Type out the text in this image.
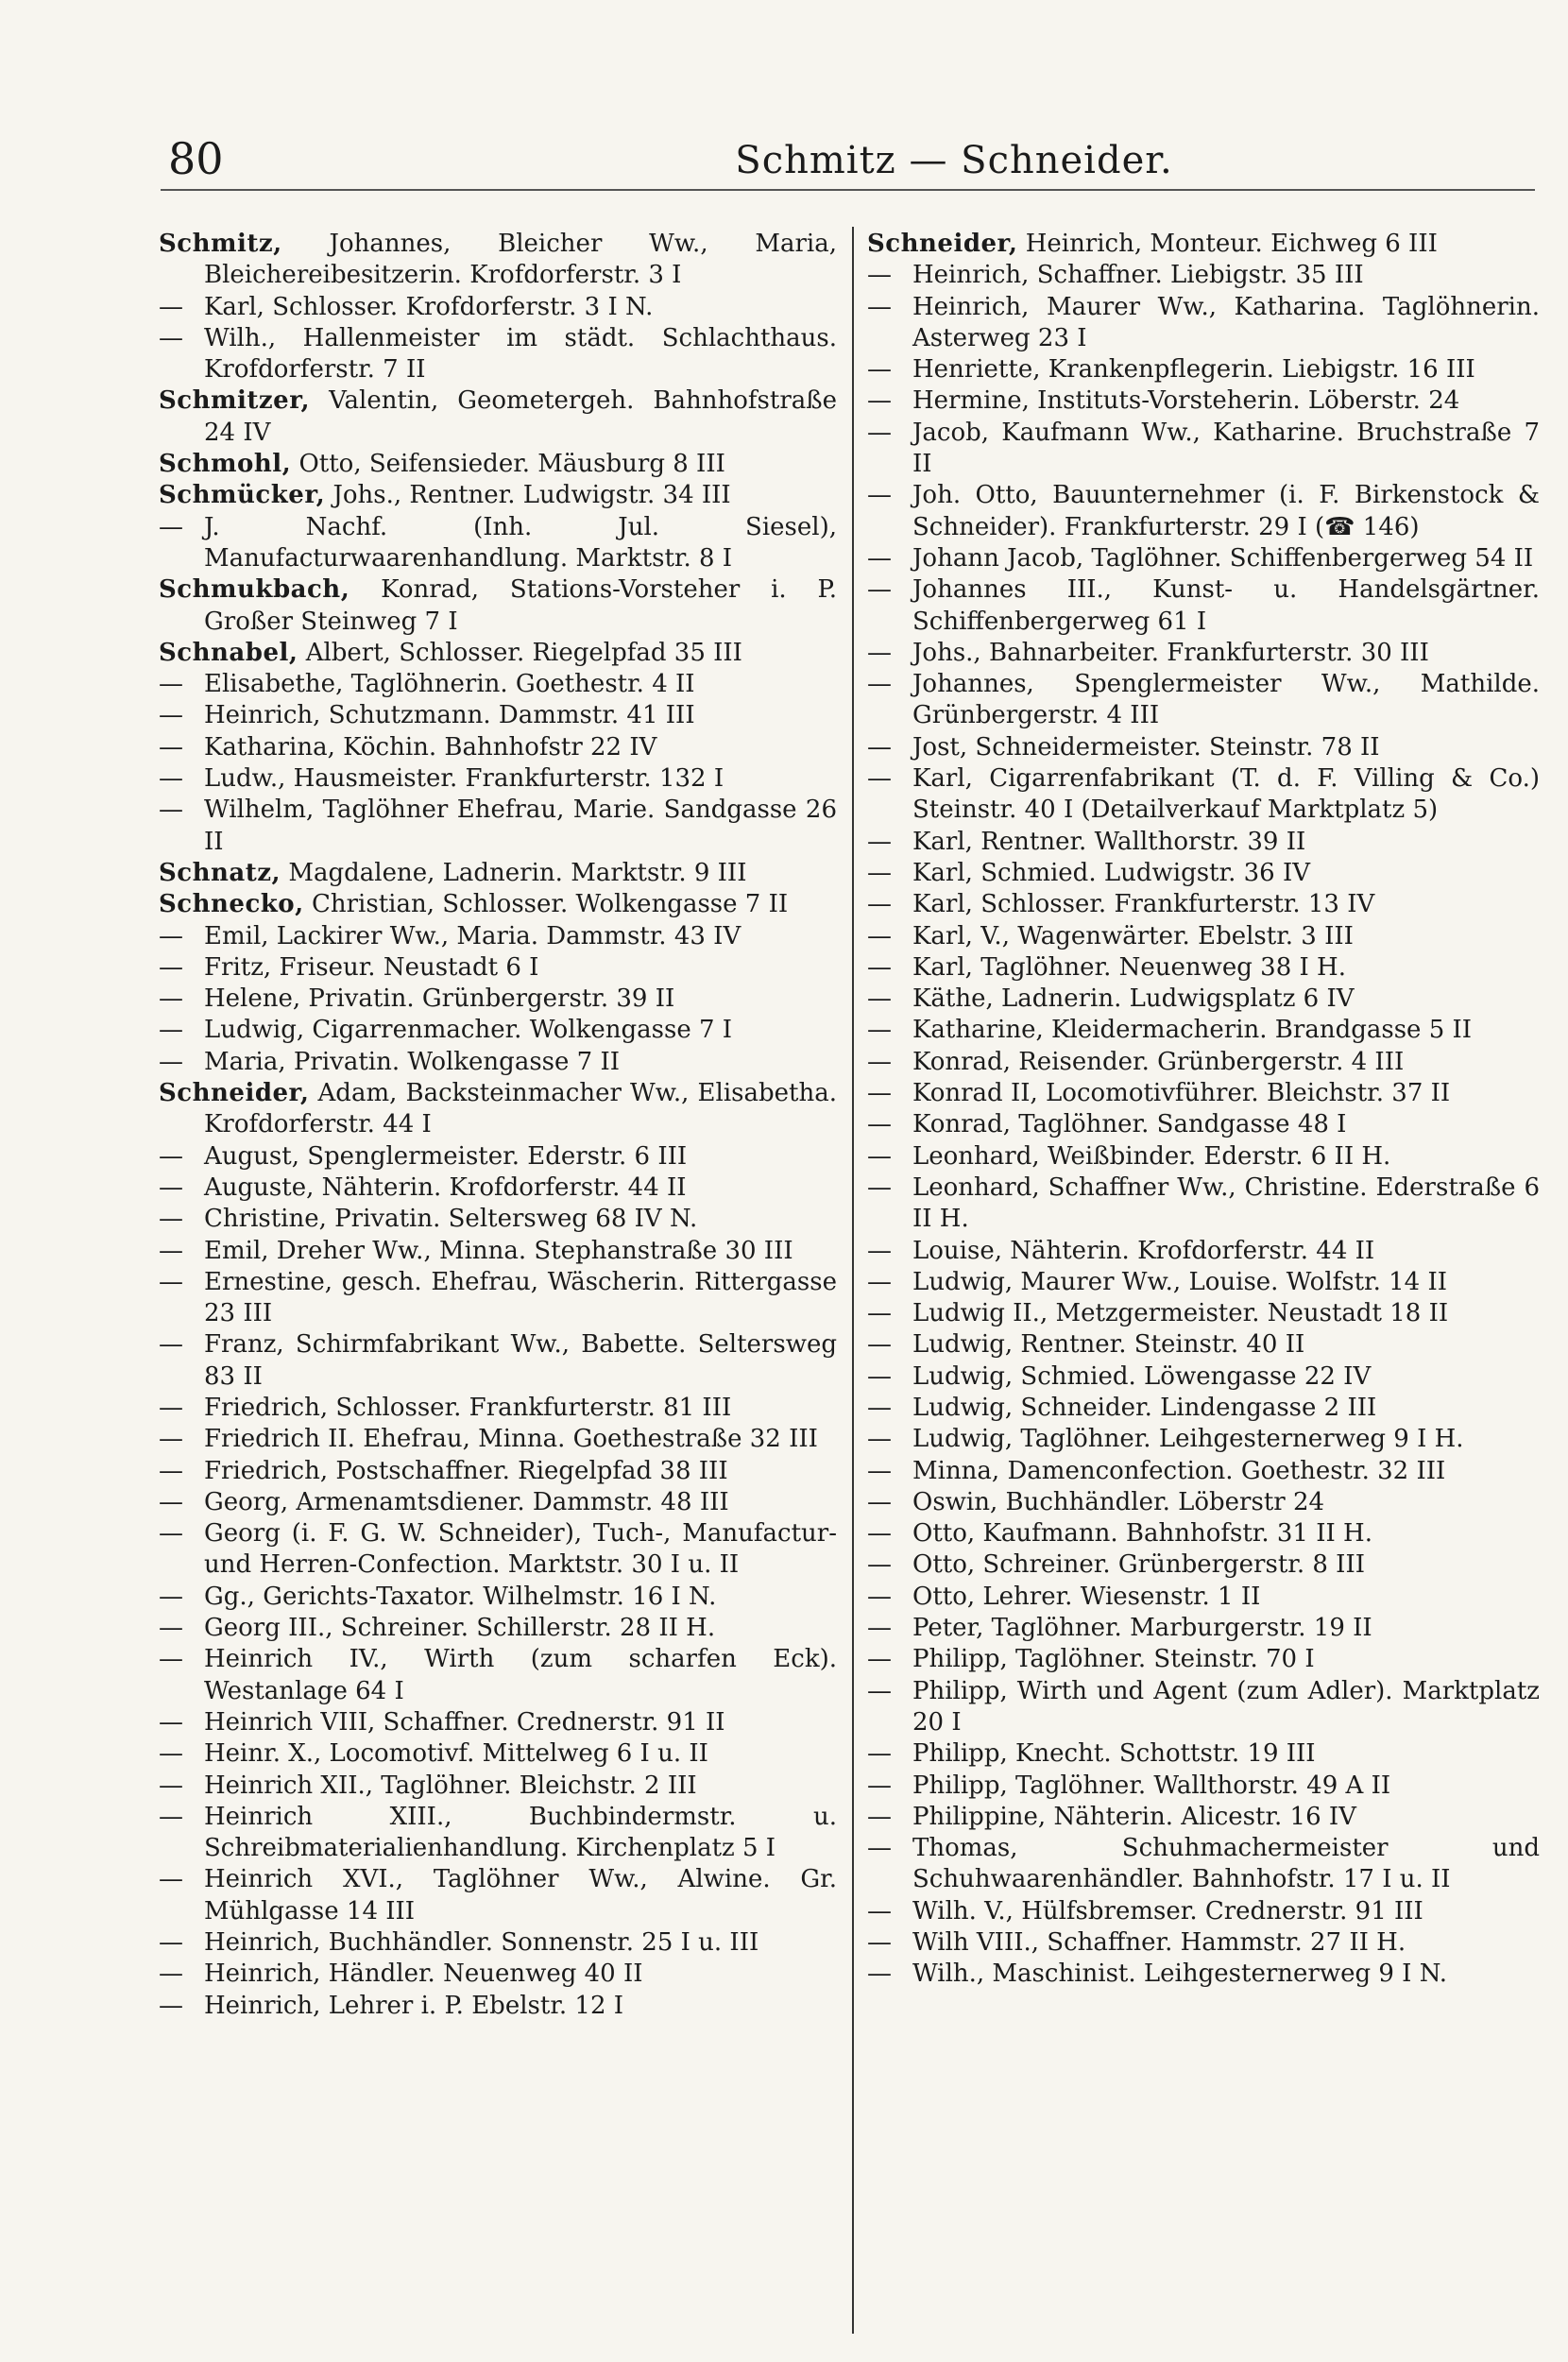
80	Schmitz — Schneider.
Schmitz, Johannes, Bleicher Ww., Maria, Bleichereibesitzerin. Krofdorferstr. 3 I
— Karl, Schlosser. Krofdorferstr. 3 I N.
— Wilh., Hallenmeister im städt. Schlachthaus. Krofdorferstr. 7 II
Schmitzer, Valentin, Geometergeh. Bahnhofstraße 24 IV
Schmohl, Otto, Seifensieder. Mäusburg 8 III
Schmücker, Johs., Rentner. Ludwigstr. 34 III
— J. Nachf. (Inh. Jul. Siesel), Manufacturwaarenhandlung. Marktstr. 8 I
Schmukbach, Konrad, Stations-Vorsteher i. P. Großer Steinweg 7 I
Schnabel, Albert, Schlosser. Riegelpfad 35 III
— Elisabethe, Taglöhnerin. Goethestr. 4 II
— Heinrich, Schutzmann. Dammstr. 41 III
— Katharina, Köchin. Bahnhofstr 22 IV
— Ludw., Hausmeister. Frankfurterstr. 132 I
— Wilhelm, Taglöhner Ehefrau, Marie. Sandgasse 26 II
Schnatz, Magdalene, Ladnerin. Marktstr. 9 III
Schnecko, Christian, Schlosser. Wolkengasse 7 II
— Emil, Lackirer Ww., Maria. Dammstr. 43 IV
— Fritz, Friseur. Neustadt 6 I
— Helene, Privatin. Grünbergerstr. 39 II
— Ludwig, Cigarrenmacher. Wolkengasse 7 I
— Maria, Privatin. Wolkengasse 7 II
Schneider, Adam, Backsteinmacher Ww., Elisabetha. Krofdorferstr. 44 I
— August, Spenglermeister. Ederstr. 6 III
— Auguste, Nähterin. Krofdorferstr. 44 II
— Christine, Privatin. Seltersweg 68 IV N.
— Emil, Dreher Ww., Minna. Stephanstraße 30 III
— Ernestine, gesch. Ehefrau, Wäscherin. Rittergasse 23 III
— Franz, Schirmfabrikant Ww., Babette. Seltersweg 83 II
— Friedrich, Schlosser. Frankfurterstr. 81 III
— Friedrich II. Ehefrau, Minna. Goethestraße 32 III
— Friedrich, Postschaffner. Riegelpfad 38 III
— Georg, Armenamtsdiener. Dammstr. 48 III
— Georg (i. F. G. W. Schneider), Tuch-, Manufactur- und Herren-Confection. Marktstr. 30 I u. II
— Gg., Gerichts-Taxator. Wilhelmstr. 16 I N.
— Georg III., Schreiner. Schillerstr. 28 II H.
— Heinrich IV., Wirth (zum scharfen Eck). Westanlage 64 I
— Heinrich VIII, Schaffner. Crednerstr. 91 II
— Heinr. X., Locomotivf. Mittelweg 6 I u. II
— Heinrich XII., Taglöhner. Bleichstr. 2 III
— Heinrich XIII., Buchbindermstr. u. Schreibmaterialienhandlung. Kirchenplatz 5 I
— Heinrich XVI., Taglöhner Ww., Alwine. Gr. Mühlgasse 14 III
— Heinrich, Buchhändler. Sonnenstr. 25 I u. III
— Heinrich, Händler. Neuenweg 40 II
— Heinrich, Lehrer i. P. Ebelstr. 12 I
Schneider, Heinrich, Monteur. Eichweg 6 III
— Heinrich, Schaffner. Liebigstr. 35 III
— Heinrich, Maurer Ww., Katharina. Taglöhnerin. Asterweg 23 I
— Henriette, Krankenpflegerin. Liebigstr. 16 III
— Hermine, Instituts-Vorsteherin. Löberstr. 24
— Jacob, Kaufmann Ww., Katharine. Bruchstraße 7 II
— Joh. Otto, Bauunternehmer (i. F. Birkenstock & Schneider). Frankfurterstr. 29 I (☎ 146)
— Johann Jacob, Taglöhner. Schiffenbergerweg 54 II
— Johannes III., Kunst- u. Handelsgärtner. Schiffenbergerweg 61 I
— Johs., Bahnarbeiter. Frankfurterstr. 30 III
— Johannes, Spenglermeister Ww., Mathilde. Grünbergerstr. 4 III
— Jost, Schneidermeister. Steinstr. 78 II
— Karl, Cigarrenfabrikant (T. d. F. Villing & Co.) Steinstr. 40 I (Detailverkauf Marktplatz 5)
— Karl, Rentner. Wallthorstr. 39 II
— Karl, Schmied. Ludwigstr. 36 IV
— Karl, Schlosser. Frankfurterstr. 13 IV
— Karl, V., Wagenwärter. Ebelstr. 3 III
— Karl, Taglöhner. Neuenweg 38 I H.
— Käthe, Ladnerin. Ludwigsplatz 6 IV
— Katharine, Kleidermacherin. Brandgasse 5 II
— Konrad, Reisender. Grünbergerstr. 4 III
— Konrad II, Locomotivführer. Bleichstr. 37 II
— Konrad, Taglöhner. Sandgasse 48 I
— Leonhard, Weißbinder. Ederstr. 6 II H.
— Leonhard, Schaffner Ww., Christine. Ederstraße 6 II H.
— Louise, Nähterin. Krofdorferstr. 44 II
— Ludwig, Maurer Ww., Louise. Wolfstr. 14 II
— Ludwig II., Metzgermeister. Neustadt 18 II
— Ludwig, Rentner. Steinstr. 40 II
— Ludwig, Schmied. Löwengasse 22 IV
— Ludwig, Schneider. Lindengasse 2 III
— Ludwig, Taglöhner. Leihgesternerweg 9 I H.
— Minna, Damenconfection. Goethestr. 32 III
— Oswin, Buchhändler. Löberstr 24
— Otto, Kaufmann. Bahnhofstr. 31 II H.
— Otto, Schreiner. Grünbergerstr. 8 III
— Otto, Lehrer. Wiesenstr. 1 II
— Peter, Taglöhner. Marburgerstr. 19 II
— Philipp, Taglöhner. Steinstr. 70 I
— Philipp, Wirth und Agent (zum Adler). Marktplatz 20 I
— Philipp, Knecht. Schottstr. 19 III
— Philipp, Taglöhner. Wallthorstr. 49 A II
— Philippine, Nähterin. Alicestr. 16 IV
— Thomas, Schuhmachermeister und Schuhwaarenhändler. Bahnhofstr. 17 I u. II
— Wilh. V., Hülfsbremser. Crednerstr. 91 III
— Wilh VIII., Schaffner. Hammstr. 27 II H.
— Wilh., Maschinist. Leihgesternerweg 9 I N.
